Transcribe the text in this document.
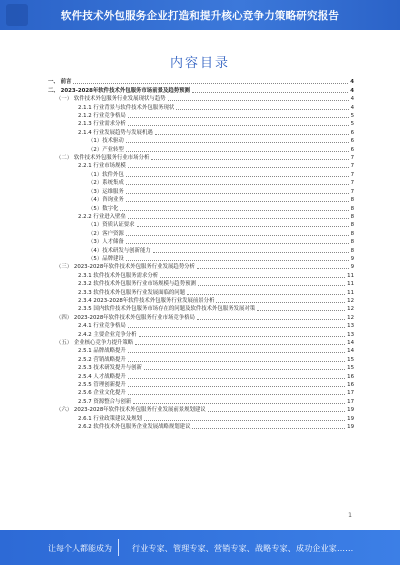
软件技术外包服务企业打造和提升核心竞争力策略研究报告
内容目录
一、 前言	4
二、 2023-2028年软件技术外包服务市场前景及趋势预测	4
（一） 软件技术外包服务行业发展现状与趋势	4
2.1.1 行业背景与软件技术外包服务现状	4
2.1.2 行业竞争格局	5
2.1.3 行业需求分析	5
2.1.4 行业发展趋势与发展机遇	6
（1）技术驱动	6
（2）产业转型	6
（二） 软件技术外包服务行业市场分析	7
2.2.1 行业市场规模	7
（1）软件外包	7
（2）系统集成	7
（3）运维服务	7
（4）咨询业务	8
（5）数字化	8
2.2.2 行业进入壁垒	8
（1）资质认证要求	8
（2）客户资源	8
（3）人才储备	8
（4）技术研发与创新能力	8
（5）品牌建设	9
（三） 2023-2028年软件技术外包服务行业发展趋势分析	9
2.3.1 软件技术外包服务需求分析	11
2.3.2 软件技术外包服务行业市场规模与趋势预测	11
2.3.3 软件技术外包服务行业发展面临的问题	11
2.3.4 2023-2028年软件技术外包服务行业发展前景分析	12
2.3.5 国内软件技术外包服务市场存在的问题及软件技术外包服务发展对策	12
（四） 2023-2028年软件技术外包服务行业市场竞争格局	12
2.4.1 行业竞争格局	13
2.4.2 主要企业竞争分析	13
（五） 企业核心竞争力提升策略	14
2.5.1 品牌战略提升	14
2.5.2 营销战略提升	15
2.5.3 技术研发提升与创新	15
2.5.4 人才战略提升	16
2.5.5 管理创新提升	16
2.5.6 企业文化提升	17
2.5.7 资源整合与创新	17
（六） 2023-2028年软件技术外包服务行业发展前景规划建议	19
2.6.1 行业政策建议及规划	19
2.6.2 软件技术外包服务企业发展战略规划建议	19
1
让每个人都能成为	行业专家、管理专家、营销专家、战略专家、成功企业家……
